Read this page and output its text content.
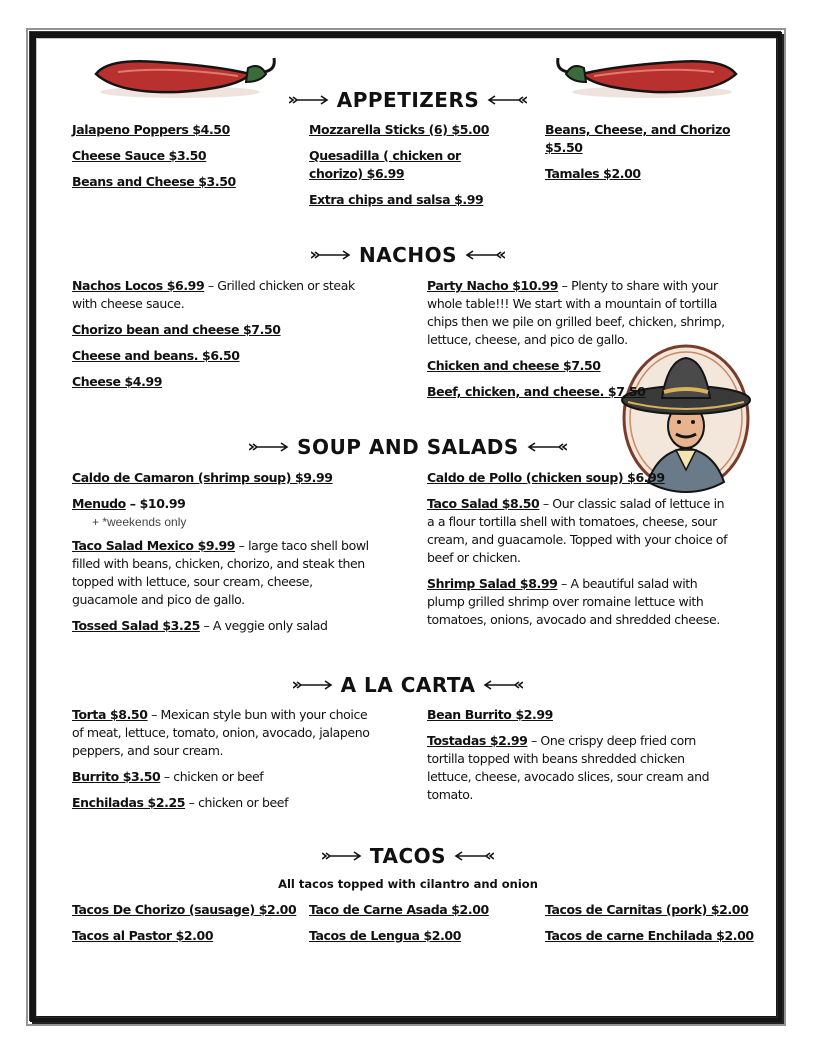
APPETIZERS
Jalapeno Poppers $4.50
Cheese Sauce $3.50
Beans and Cheese $3.50
Mozzarella Sticks (6) $5.00
Quesadilla ( chicken or chorizo) $6.99
Extra chips and salsa $.99
Beans, Cheese, and Chorizo $5.50
Tamales $2.00
NACHOS
Nachos Locos $6.99 – Grilled chicken or steak with cheese sauce.
Chorizo bean and cheese $7.50
Cheese and beans. $6.50
Cheese $4.99
Party Nacho $10.99 – Plenty to share with your whole table!!! We start with a mountain of tortilla chips then we pile on grilled beef, chicken, shrimp, lettuce, cheese, and pico de gallo.
Chicken and cheese $7.50
Beef, chicken, and cheese. $7.50
SOUP AND SALADS
Caldo de Camaron (shrimp soup) $9.99
Menudo – $10.99
+ *weekends only
Taco Salad Mexico $9.99 – large taco shell bowl filled with beans, chicken, chorizo, and steak then topped with lettuce, sour cream, cheese, guacamole and pico de gallo.
Tossed Salad $3.25 – A veggie only salad
Caldo de Pollo (chicken soup) $6.99
Taco Salad $8.50 – Our classic salad of lettuce in a a flour tortilla shell with tomatoes, cheese, sour cream, and guacamole. Topped with your choice of beef or chicken.
Shrimp Salad $8.99 – A beautiful salad with plump grilled shrimp over romaine lettuce with tomatoes, onions, avocado and shredded cheese.
A LA CARTA
Torta $8.50 – Mexican style bun with your choice of meat, lettuce, tomato, onion, avocado, jalapeno peppers, and sour cream.
Burrito $3.50 – chicken or beef
Enchiladas $2.25 – chicken or beef
Bean Burrito $2.99
Tostadas $2.99 – One crispy deep fried corn tortilla topped with beans shredded chicken lettuce, cheese, avocado slices, sour cream and tomato.
TACOS
All tacos topped with cilantro and onion
Tacos De Chorizo (sausage) $2.00
Tacos al Pastor $2.00
Taco de Carne Asada $2.00
Tacos de Lengua $2.00
Tacos de Carnitas (pork) $2.00
Tacos de carne Enchilada $2.00
